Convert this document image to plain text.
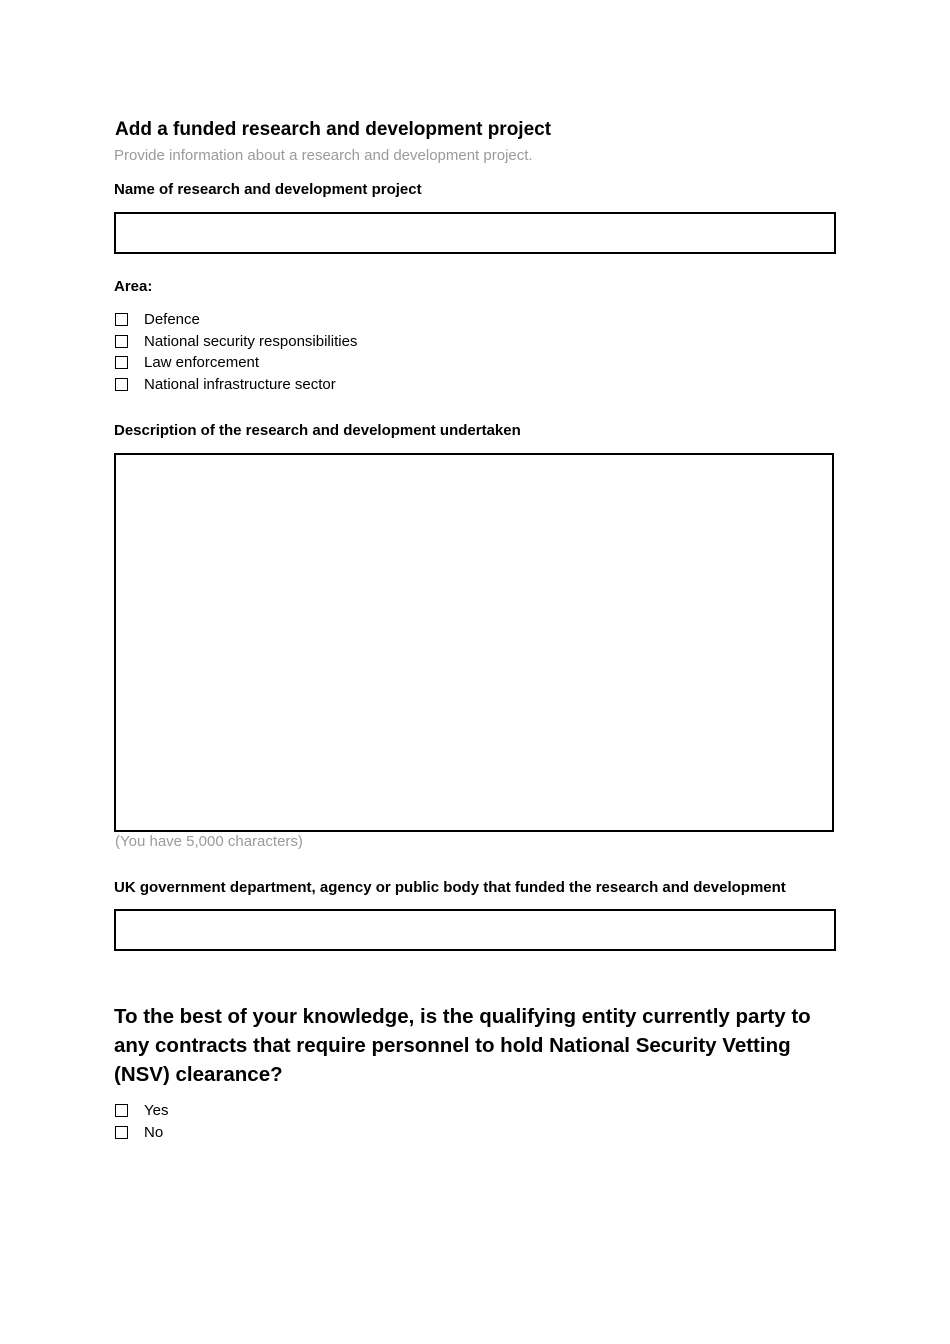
Add a funded research and development project
Provide information about a research and development project.
Name of research and development project
Area:
Defence
National security responsibilities
Law enforcement
National infrastructure sector
Description of the research and development undertaken
(You have 5,000 characters)
UK government department, agency or public body that funded the research and development
To the best of your knowledge, is the qualifying entity currently party to any contracts that require personnel to hold National Security Vetting (NSV) clearance?
Yes
No
